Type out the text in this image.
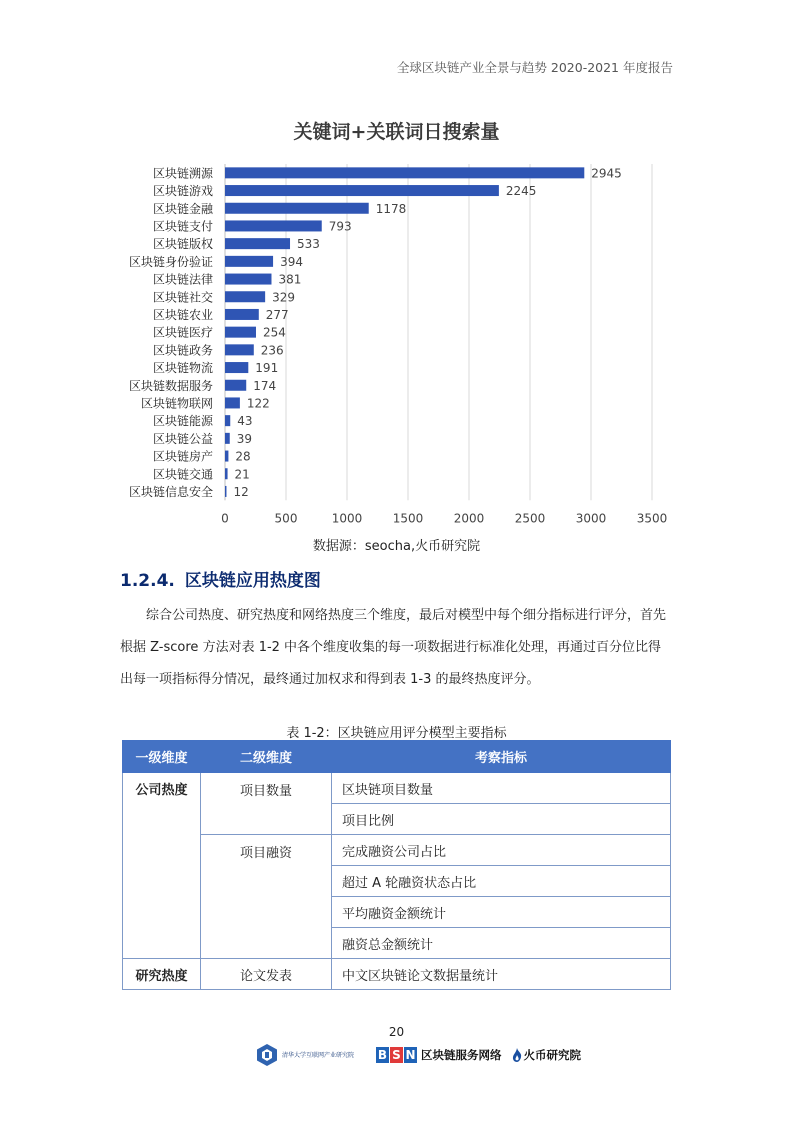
全球区块链产业全景与趋势 2020-2021 年度报告
关键词+关联词日搜索量
0	500	1000	1500	2000	2500	3000	3500
区块链溯源	2945
区块链游戏	2245
区块链金融	1178
区块链支付	793
区块链版权	533
区块链身份验证	394
区块链法律	381
区块链社交	329
区块链农业	277
区块链医疗	254
区块链政务	236
区块链物流	191
区块链数据服务	174
区块链物联网	122
区块链能源 43
区块链公益 39
区块链房产 28
区块链交通 21
区块链信息安全 12
数据源：seocha,火币研究院
1.2.4. 区块链应用热度图
综合公司热度、研究热度和网络热度三个维度，最后对模型中每个细分指标进行评分，首先根据 Z-score 方法对表 1-2 中各个维度收集的每一项数据进行标准化处理，再通过百分位比得出每一项指标得分情况，最终通过加权求和得到表 1-3 的最终热度评分。
表 1-2：区块链应用评分模型主要指标
一级维度	二级维度	考察指标
公司热度	项目数量	区块链项目数量
		项目比例
	项目融资	完成融资公司占比
		超过 A 轮融资状态占比
		平均融资金额统计
		融资总金额统计
研究热度	论文发表	中文区块链论文数据量统计
20
清华大学互联网产业研究院	B S N 区块链服务网络 火币研究院
